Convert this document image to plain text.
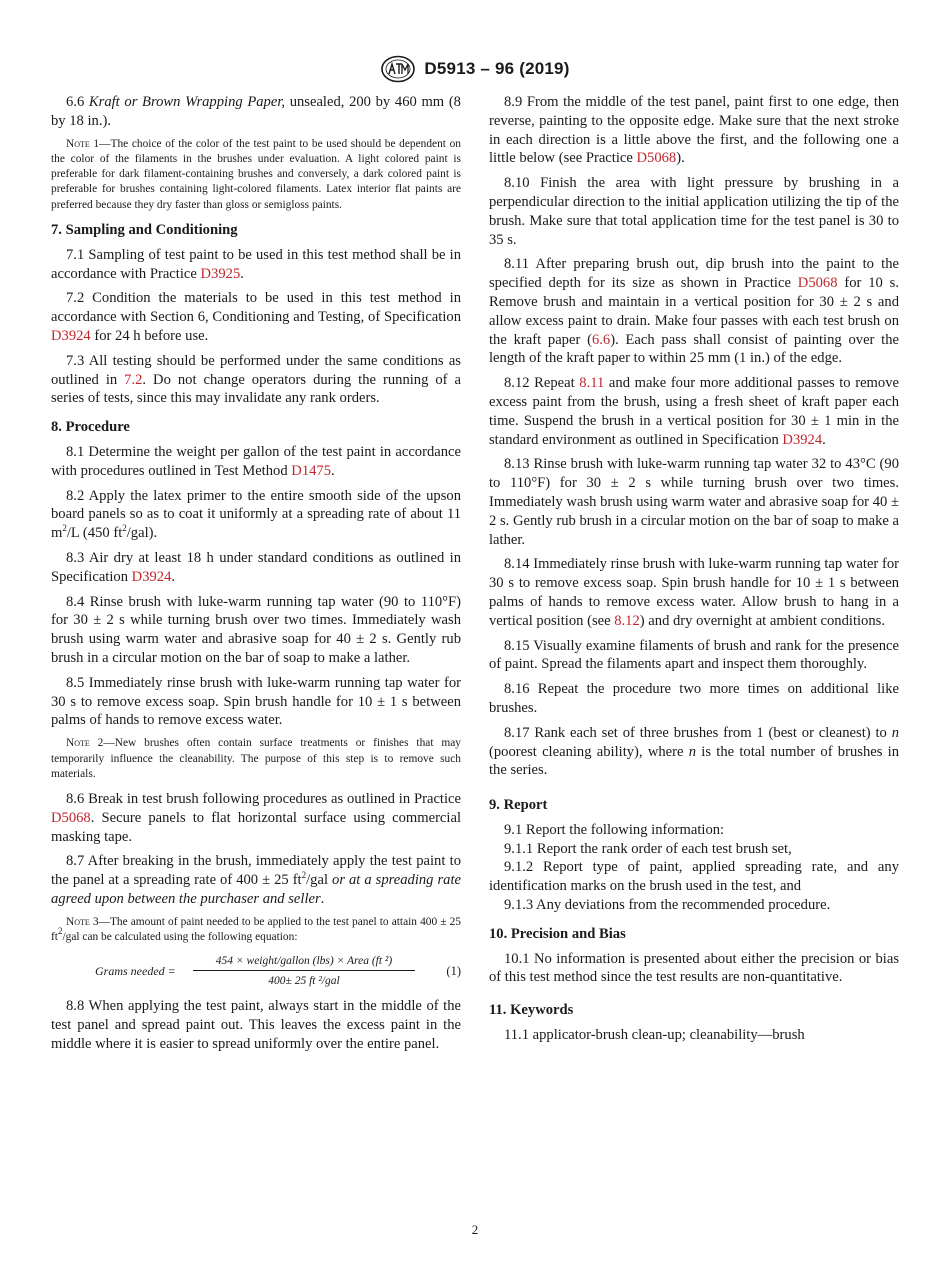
D5913 – 96 (2019)

6.6 Kraft or Brown Wrapping Paper, unsealed, 200 by 460 mm (8 by 18 in.).

Note 1—The choice of the color of the test paint to be used should be dependent on the color of the filaments in the brushes under evaluation. A light colored paint is preferable for dark filament-containing brushes and conversely, a dark colored paint is preferable for brushes containing light-colored filaments. Latex interior flat paints are preferred because they dry faster than gloss or semigloss paints.

7. Sampling and Conditioning

7.1 Sampling of test paint to be used in this test method shall be in accordance with Practice D3925.

7.2 Condition the materials to be used in this test method in accordance with Section 6, Conditioning and Testing, of Specification D3924 for 24 h before use.

7.3 All testing should be performed under the same conditions as outlined in 7.2. Do not change operators during the running of a series of tests, since this may invalidate any rank orders.

8. Procedure

8.1 Determine the weight per gallon of the test paint in accordance with procedures outlined in Test Method D1475.

8.2 Apply the latex primer to the entire smooth side of the upson board panels so as to coat it uniformly at a spreading rate of about 11 $m^2/L$ (450 $ft^2/gal$).

8.3 Air dry at least 18 h under standard conditions as outlined in Specification D3924.

8.4 Rinse brush with luke-warm running tap water (90 to 110°F) for 30 ± 2 s while turning brush over two times. Immediately wash brush using warm water and abrasive soap for 40 ± 2 s. Gently rub brush in a circular motion on the bar of soap to make a lather.

8.5 Immediately rinse brush with luke-warm running tap water for 30 s to remove excess soap. Spin brush handle for 10 ± 1 s between palms of hands to remove excess water.

Note 2—New brushes often contain surface treatments or finishes that may temporarily influence the cleanability. The purpose of this step is to remove such materials.

8.6 Break in test brush following procedures as outlined in Practice D5068. Secure panels to flat horizontal surface using commercial masking tape.

8.7 After breaking in the brush, immediately apply the test paint to the panel at a spreading rate of 400 ± 25 $ft^2$/gal or at a spreading rate agreed upon between the purchaser and seller.

Note 3—The amount of paint needed to be applied to the test panel to attain 400 ± 25 $ft^2$/gal can be calculated using the following equation:

Grams needed =
454 × weight/gallon (lbs) × Area (ft ²)
400± 25 ft ²/gal
(1)

8.8 When applying the test paint, always start in the middle of the test panel and spread paint out. This leaves the excess paint in the middle where it is easier to spread uniformly over the entire panel.

8.9 From the middle of the test panel, paint first to one edge, then reverse, painting to the opposite edge. Make sure that the next stroke in each direction is a little above the first, and the following one a little below (see Practice D5068).

8.10 Finish the area with light pressure by brushing in a perpendicular direction to the initial application utilizing the tip of the brush. Make sure that total application time for the test panel is 30 to 35 s.

8.11 After preparing brush out, dip brush into the paint to the specified depth for its size as shown in Practice D5068 for 10 s. Remove brush and maintain in a vertical position for 30 ± 2 s and allow excess paint to drain. Make four passes with each test brush on the kraft paper (6.6). Each pass shall consist of painting over the length of the kraft paper to within 25 mm (1 in.) of the edge.

8.12 Repeat 8.11 and make four more additional passes to remove excess paint from the brush, using a fresh sheet of kraft paper each time. Suspend the brush in a vertical position for 30 ± 1 min in the standard environment as outlined in Specification D3924.

8.13 Rinse brush with luke-warm running tap water 32 to 43°C (90 to 110°F) for 30 ± 2 s while turning brush over two times. Immediately wash brush using warm water and abrasive soap for 40 ± 2 s. Gently rub brush in a circular motion on the bar of soap to make a lather.

8.14 Immediately rinse brush with luke-warm running tap water for 30 s to remove excess soap. Spin brush handle for 10 ± 1 s between palms of hands to remove excess water. Allow brush to hang in a vertical position (see 8.12) and dry overnight at ambient conditions.

8.15 Visually examine filaments of brush and rank for the presence of paint. Spread the filaments apart and inspect them thoroughly.

8.16 Repeat the procedure two more times on additional like brushes.

8.17 Rank each set of three brushes from 1 (best or cleanest) to n (poorest cleaning ability), where n is the total number of brushes in the series.

9. Report

9.1 Report the following information:

9.1.1 Report the rank order of each test brush set,

9.1.2 Report type of paint, applied spreading rate, and any identification marks on the brush used in the test, and

9.1.3 Any deviations from the recommended procedure.

10. Precision and Bias

10.1 No information is presented about either the precision or bias of this test method since the test results are non-quantitative.

11. Keywords

11.1 applicator-brush clean-up; cleanability—brush

2
